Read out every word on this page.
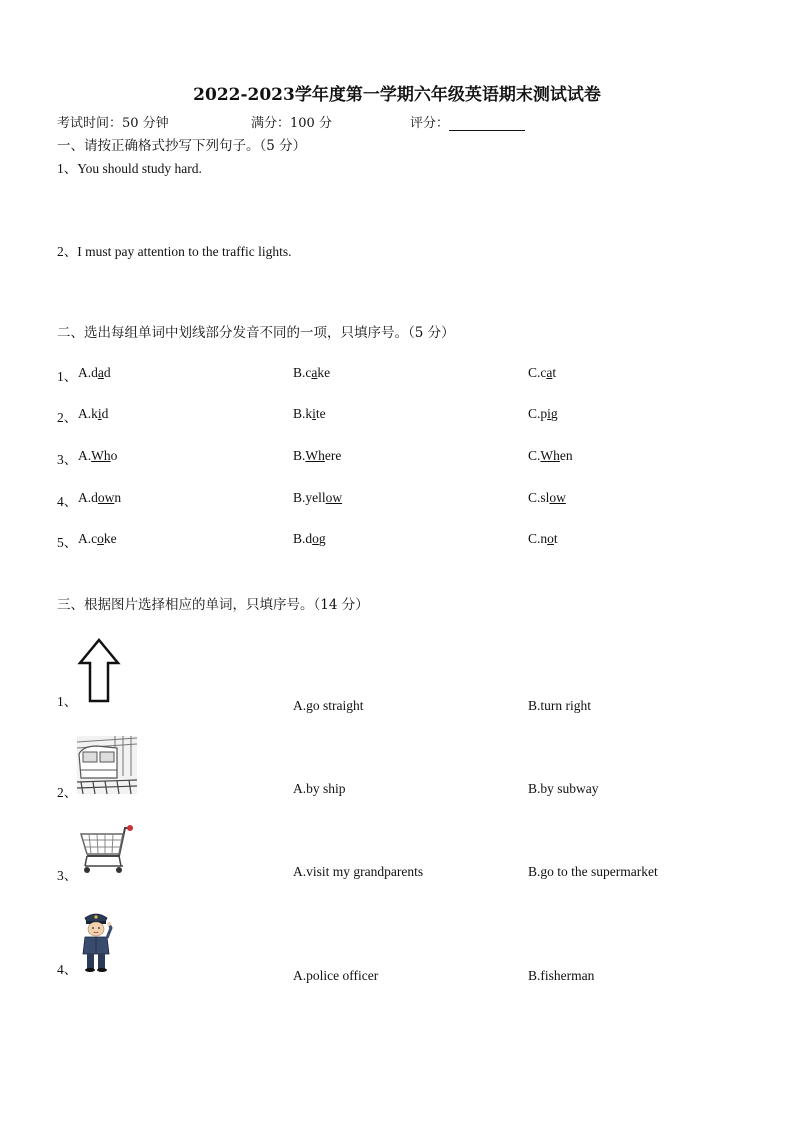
2022-2023学年度第一学期六年级英语期末测试试卷
考试时间：50 分钟	满分：100 分	评分：
一、请按正确格式抄写下列句子。（5 分）
1、You should study hard.
2、I must pay attention to the traffic lights.
二、选出每组单词中划线部分发音不同的一项，只填序号。（5 分）
1、 A.dad	B.cake	C.cat
2、 A.kid	B.kite	C.pig
3、 A.Who	B.Where	C.When
4、 A.down	B.yellow	C.slow
5、 A.coke	B.dog	C.not
三、根据图片选择相应的单词，只填序号。（14 分）
1、	A.go straight	B.turn right
2、	A.by ship	B.by subway
3、	A.visit my grandparents	B.go to the supermarket
4、	A.police officer	B.fisherman
